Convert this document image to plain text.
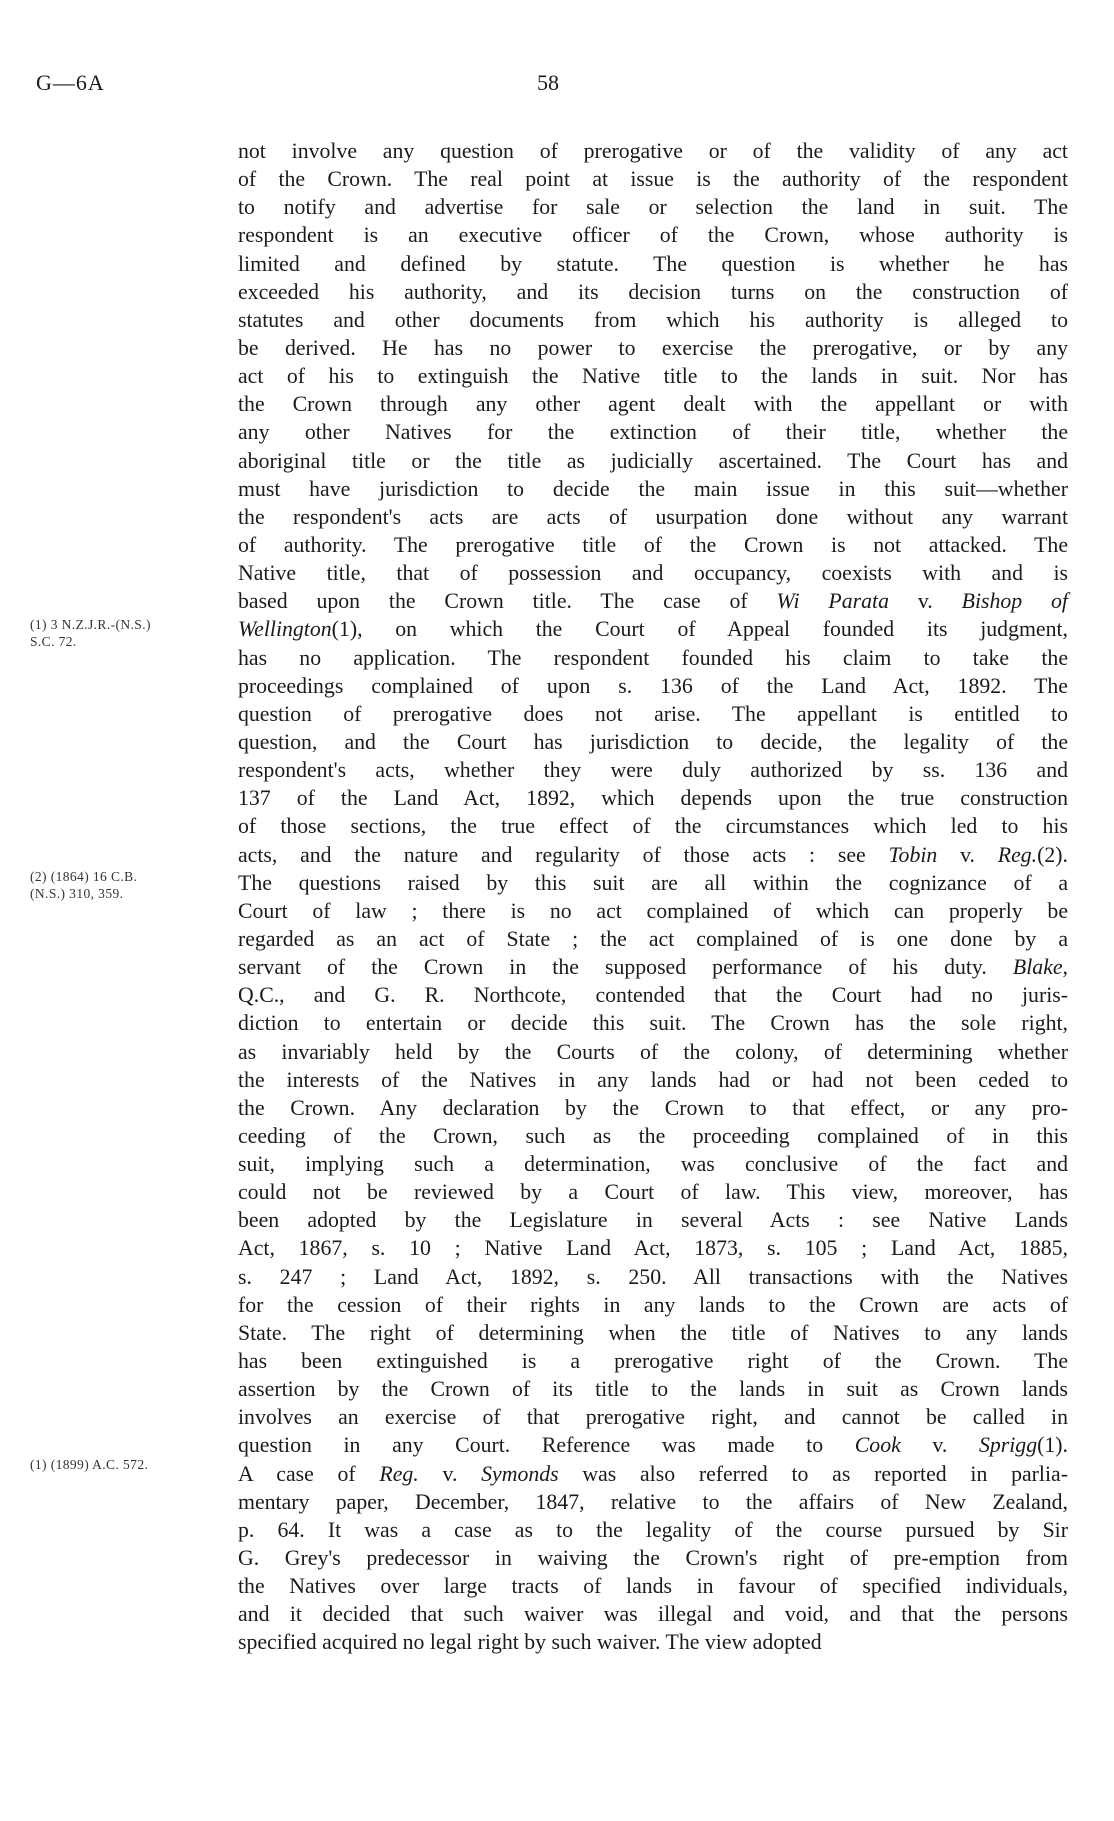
G—6A	58
(1) 3 N.Z.J.R.-(N.S.)
S.C. 72.
(2) (1864) 16 C.B.
(N.S.) 310, 359.
(1) (1899) A.C. 572.
not involve any question of prerogative or of the validity of any act
of the Crown. The real point at issue is the authority of the respondent
to notify and advertise for sale or selection the land in suit. The
respondent is an executive officer of the Crown, whose authority is
limited and defined by statute. The question is whether he has
exceeded his authority, and its decision turns on the construction of
statutes and other documents from which his authority is alleged to
be derived. He has no power to exercise the prerogative, or by any
act of his to extinguish the Native title to the lands in suit. Nor has
the Crown through any other agent dealt with the appellant or with
any other Natives for the extinction of their title, whether the
aboriginal title or the title as judicially ascertained. The Court has and
must have jurisdiction to decide the main issue in this suit—whether
the respondent's acts are acts of usurpation done without any warrant
of authority. The prerogative title of the Crown is not attacked. The
Native title, that of possession and occupancy, coexists with and is
based upon the Crown title. The case of Wi Parata v. Bishop of
Wellington(1), on which the Court of Appeal founded its judgment,
has no application. The respondent founded his claim to take the
proceedings complained of upon s. 136 of the Land Act, 1892. The
question of prerogative does not arise. The appellant is entitled to
question, and the Court has jurisdiction to decide, the legality of the
respondent's acts, whether they were duly authorized by ss. 136 and
137 of the Land Act, 1892, which depends upon the true construction
of those sections, the true effect of the circumstances which led to his
acts, and the nature and regularity of those acts : see Tobin v. Reg.(2).
The questions raised by this suit are all within the cognizance of a
Court of law ; there is no act complained of which can properly be
regarded as an act of State ; the act complained of is one done by a
servant of the Crown in the supposed performance of his duty. Blake,
Q.C., and G. R. Northcote, contended that the Court had no juris-
diction to entertain or decide this suit. The Crown has the sole right,
as invariably held by the Courts of the colony, of determining whether
the interests of the Natives in any lands had or had not been ceded to
the Crown. Any declaration by the Crown to that effect, or any pro-
ceeding of the Crown, such as the proceeding complained of in this
suit, implying such a determination, was conclusive of the fact and
could not be reviewed by a Court of law. This view, moreover, has
been adopted by the Legislature in several Acts : see Native Lands
Act, 1867, s. 10 ; Native Land Act, 1873, s. 105 ; Land Act, 1885,
s. 247 ; Land Act, 1892, s. 250. All transactions with the Natives
for the cession of their rights in any lands to the Crown are acts of
State. The right of determining when the title of Natives to any lands
has been extinguished is a prerogative right of the Crown. The
assertion by the Crown of its title to the lands in suit as Crown lands
involves an exercise of that prerogative right, and cannot be called in
question in any Court. Reference was made to Cook v. Sprigg(1).
A case of Reg. v. Symonds was also referred to as reported in parlia-
mentary paper, December, 1847, relative to the affairs of New Zealand,
p. 64. It was a case as to the legality of the course pursued by Sir
G. Grey's predecessor in waiving the Crown's right of pre-emption from
the Natives over large tracts of lands in favour of specified individuals,
and it decided that such waiver was illegal and void, and that the persons
specified acquired no legal right by such waiver. The view adopted
